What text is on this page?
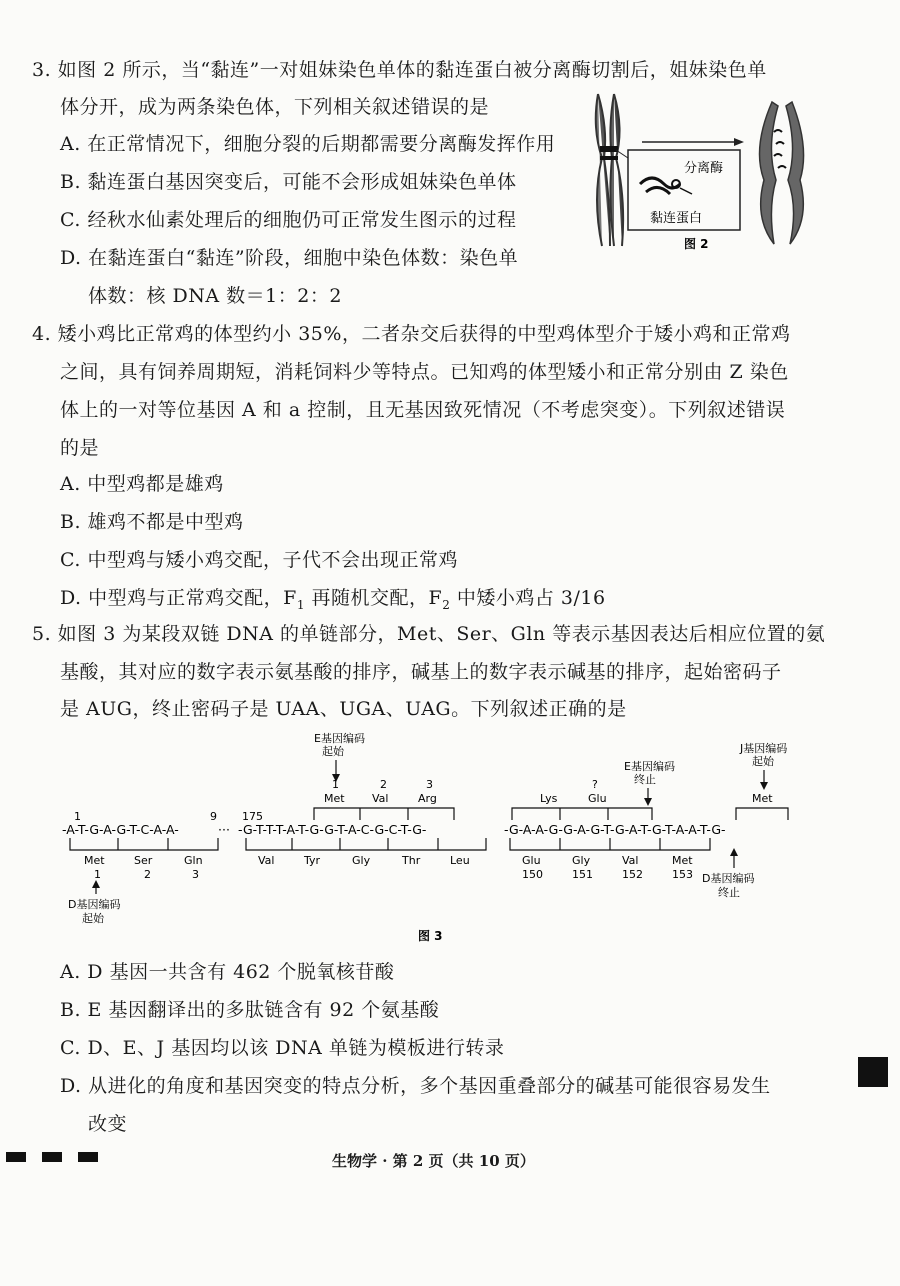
3. 如图 2 所示，当“黏连”一对姐妹染色单体的黏连蛋白被分离酶切割后，姐妹染色单
体分开，成为两条染色体，下列相关叙述错误的是
A. 在正常情况下，细胞分裂的后期都需要分离酶发挥作用
B. 黏连蛋白基因突变后，可能不会形成姐妹染色单体
C. 经秋水仙素处理后的细胞仍可正常发生图示的过程
D. 在黏连蛋白“黏连”阶段，细胞中染色体数：染色单
体数：核 DNA 数＝1：2：2
分离酶
黏连蛋白
图 2
4. 矮小鸡比正常鸡的体型约小 35%，二者杂交后获得的中型鸡体型介于矮小鸡和正常鸡
之间，具有饲养周期短，消耗饲料少等特点。已知鸡的体型矮小和正常分别由 Z 染色
体上的一对等位基因 A 和 a 控制，且无基因致死情况（不考虑突变）。下列叙述错误
的是
A. 中型鸡都是雄鸡
B. 雄鸡不都是中型鸡
C. 中型鸡与矮小鸡交配，子代不会出现正常鸡
D. 中型鸡与正常鸡交配，$F_1$ 再随机交配，$F_2$ 中矮小鸡占 3/16
5. 如图 3 为某段双链 DNA 的单链部分，Met、Ser、Gln 等表示基因表达后相应位置的氨
基酸，其对应的数字表示氨基酸的排序，碱基上的数字表示碱基的排序，起始密码子
是 AUG，终止密码子是 UAA、UGA、UAG。下列叙述正确的是
E基因编码
起始
E基因编码
终止
J基因编码
起始
1	2	3
Met Val	Arg
?
Lys	Glu	Met
1	9 175
-A-T-G-A-G-T-C-A-A-	··· -G-T-T-T-A-T-G-G-T-A-C-G-C-T-G-	-G-A-A-G-G-A-G-T-G-A-T-G-T-A-A-T-G-
Met	Ser	Gln
1	2	3
D基因编码
起始
Val	Tyr	Gly	Thr	Leu	Glu	Gly	Val	Met
150	151	152	153 D基因编码
终止
图 3
A. D 基因一共含有 462 个脱氧核苷酸
B. E 基因翻译出的多肽链含有 92 个氨基酸
C. D、E、J 基因均以该 DNA 单链为模板进行转录
D. 从进化的角度和基因突变的特点分析，多个基因重叠部分的碱基可能很容易发生
改变
生物学 · 第 2 页（共 10 页）
